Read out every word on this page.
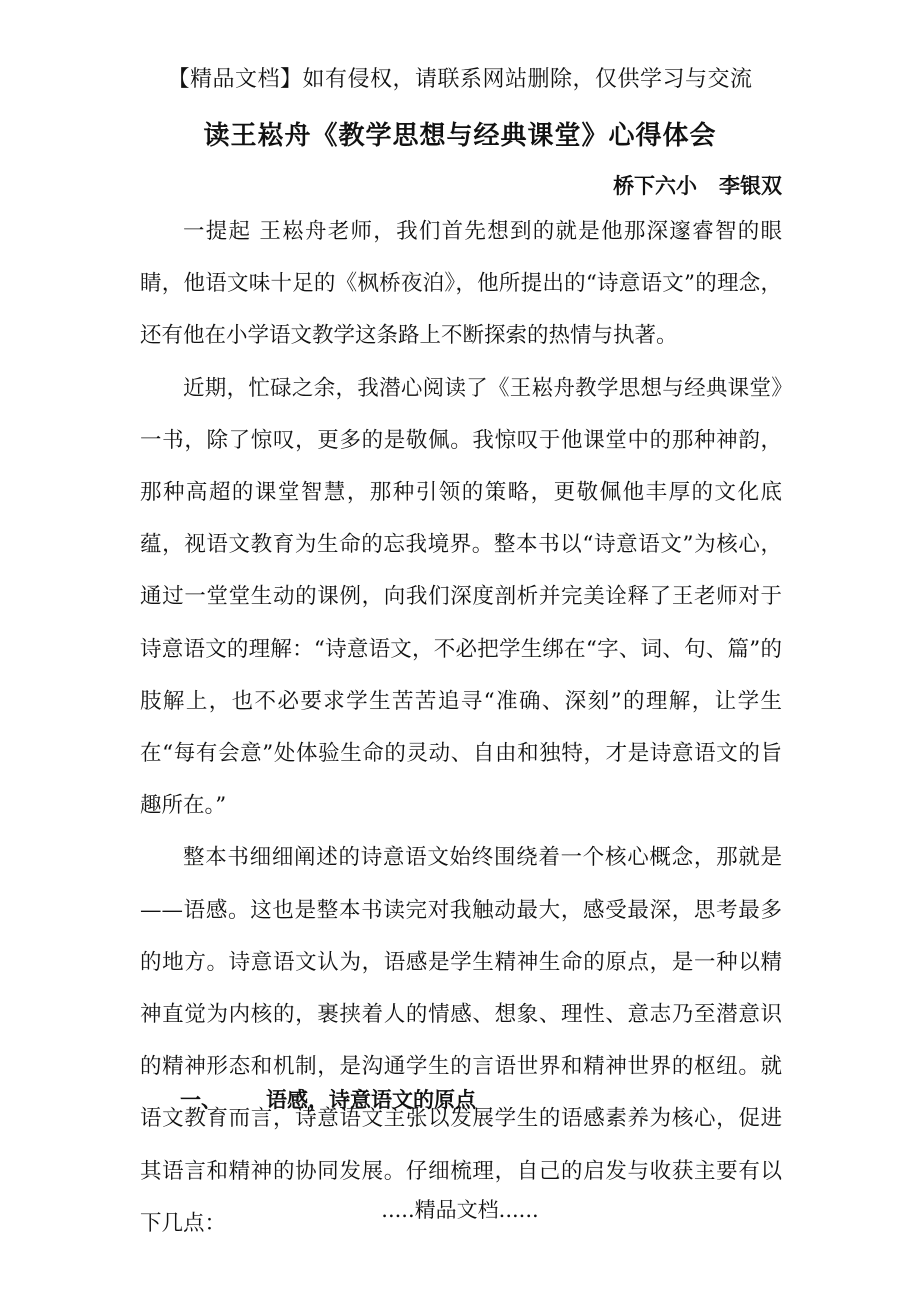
【精品文档】如有侵权，请联系网站删除，仅供学习与交流
读王崧舟《教学思想与经典课堂》心得体会
桥下六小   李银双

一提起 王崧舟老师，我们首先想到的就是他那深邃睿智的眼睛，他语文味十足的《枫桥夜泊》，他所提出的“诗意语文”的理念，还有他在小学语文教学这条路上不断探索的热情与执著。

近期，忙碌之余，我潜心阅读了《王崧舟教学思想与经典课堂》一书，除了惊叹，更多的是敬佩。我惊叹于他课堂中的那种神韵，那种高超的课堂智慧，那种引领的策略，更敬佩他丰厚的文化底蕴，视语文教育为生命的忘我境界。整本书以“诗意语文”为核心，通过一堂堂生动的课例，向我们深度剖析并完美诠释了王老师对于诗意语文的理解：“诗意语文，不必把学生绑在“字、词、句、篇”的肢解上，也不必要求学生苦苦追寻“准确、深刻”的理解，让学生在“每有会意”处体验生命的灵动、自由和独特，才是诗意语文的旨趣所在。”

整本书细细阐述的诗意语文始终围绕着一个核心概念，那就是——语感。这也是整本书读完对我触动最大，感受最深，思考最多的地方。诗意语文认为，语感是学生精神生命的原点，是一种以精神直觉为内核的，裹挟着人的情感、想象、理性、意志乃至潜意识的精神形态和机制，是沟通学生的言语世界和精神世界的枢纽。就语文教育而言，诗意语文主张以发展学生的语感素养为核心，促进其语言和精神的协同发展。仔细梳理，自己的启发与收获主要有以下几点：

一、	语感，诗意语文的原点
.....精品文档......
